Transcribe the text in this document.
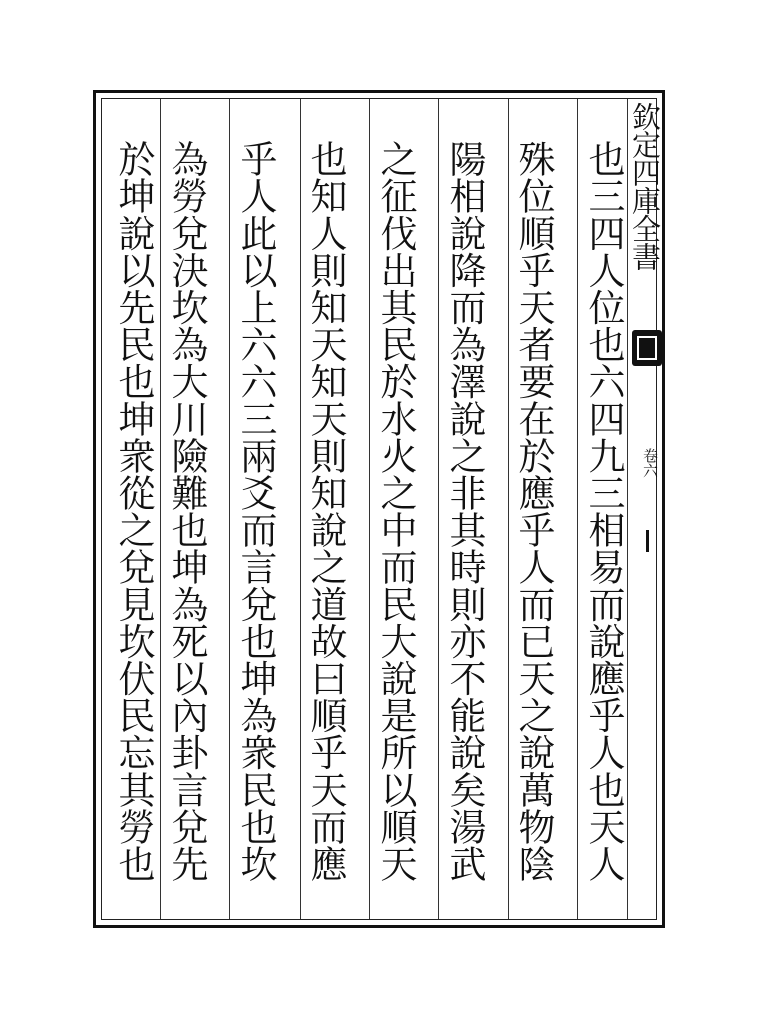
欽定四庫全書
卷六
也三四人位也六四九三相易而說應乎人也天人
殊位順乎天者要在於應乎人而已天之說萬物陰
陽相說降而為澤說之非其時則亦不能說矣湯武
之征伐出其民於水火之中而民大說是所以順天
也知人則知天知天則知說之道故曰順乎天而應
乎人此以上六六三兩爻而言兌也坤為衆民也坎
為勞兌決坎為大川險難也坤為死以內卦言兌先
於坤說以先民也坤衆從之兌見坎伏民忘其勞也
